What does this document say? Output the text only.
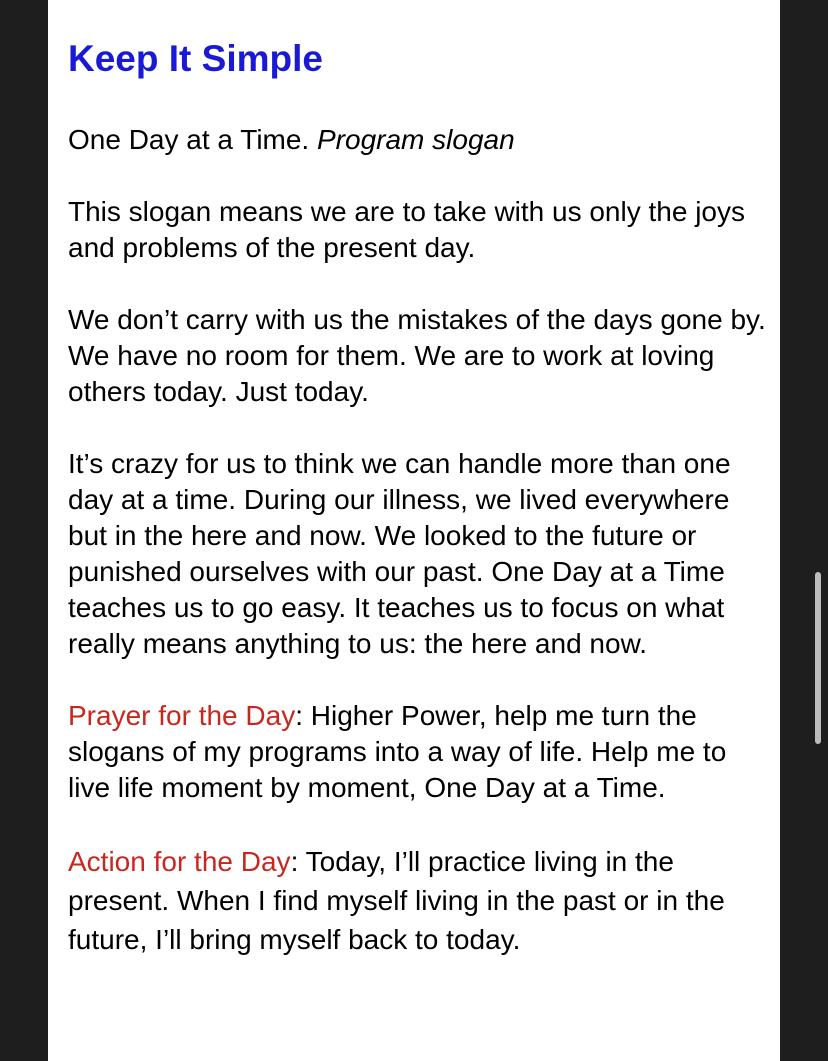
Keep It Simple

One Day at a Time. Program slogan

This slogan means we are to take with us only the joys and problems of the present day.

We don’t carry with us the mistakes of the days gone by. We have no room for them. We are to work at loving others today. Just today.

It’s crazy for us to think we can handle more than one day at a time. During our illness, we lived everywhere but in the here and now. We looked to the future or punished ourselves with our past. One Day at a Time teaches us to go easy. It teaches us to focus on what really means anything to us: the here and now.

Prayer for the Day: Higher Power, help me turn the slogans of my programs into a way of life. Help me to live life moment by moment, One Day at a Time.

Action for the Day: Today, I’ll practice living in the present. When I find myself living in the past or in the future, I’ll bring myself back to today.
